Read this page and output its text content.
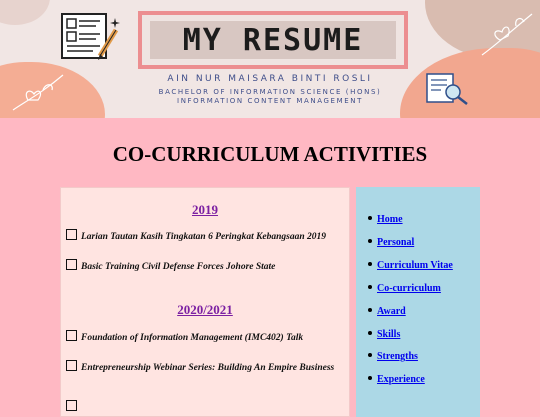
MY RESUME
AIN NUR MAISARA BINTI ROSLI
BACHELOR OF INFORMATION SCIENCE (HONS)
INFORMATION CONTENT MANAGEMENT
CO-CURRICULUM ACTIVITIES
2019
Larian Tautan Kasih Tingkatan 6 Peringkat Kebangsaan 2019
Basic Training Civil Defense Forces Johore State
2020/2021
Foundation of Information Management (IMC402) Talk
Entrepreneurship Webinar Series: Building An Empire Business
Home
Personal
Curriculum Vitae
Co-curriculum
Award
Skills
Strengths
Experience
